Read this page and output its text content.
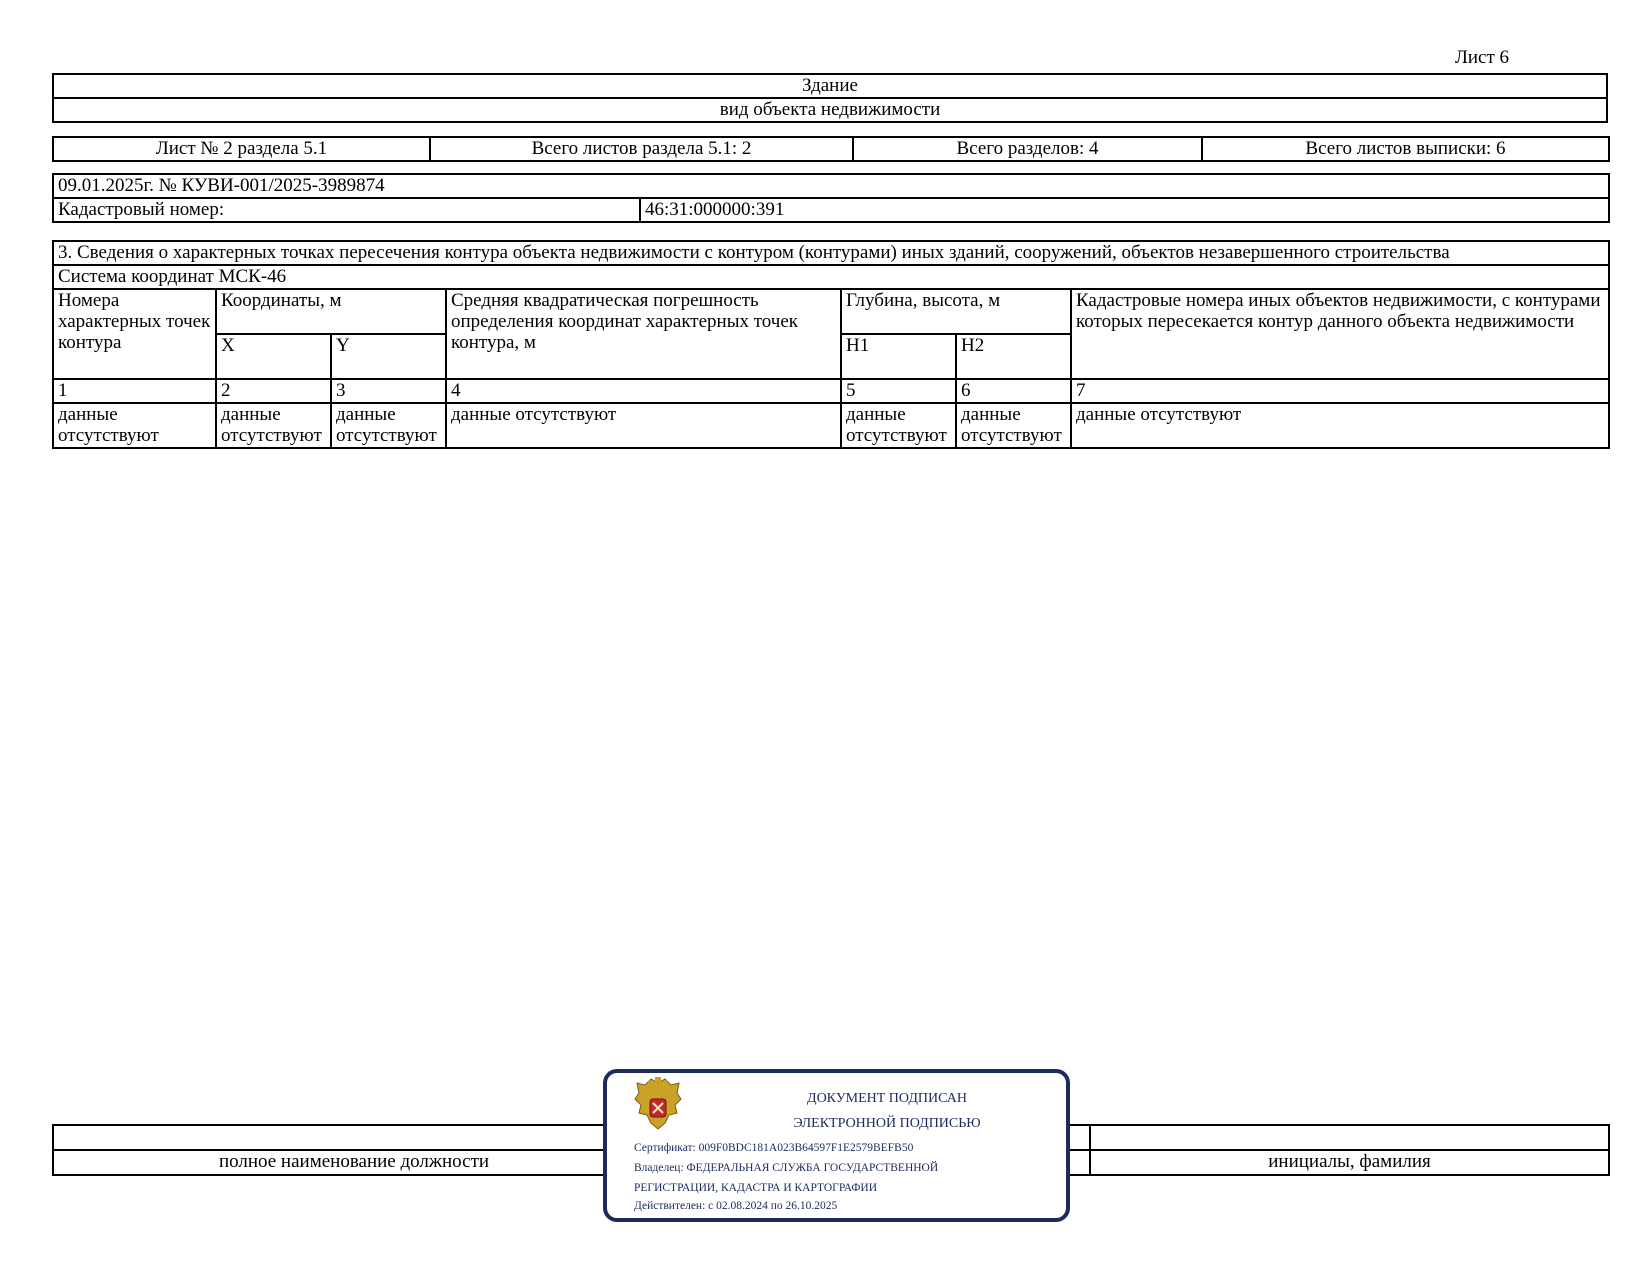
Лист 6
Здание
вид объекта недвижимости
Лист № 2 раздела 5.1	Всего листов раздела 5.1: 2	Всего разделов: 4	Всего листов выписки: 6
09.01.2025г. № КУВИ-001/2025-3989874
Кадастровый номер:	46:31:000000:391
3. Сведения о характерных точках пересечения контура объекта недвижимости с контуром (контурами) иных зданий, сооружений, объектов незавершенного строительства						
Система координат МСК-46						
Номера характерных точек контура	Координаты, м		Средняя квадратическая погрешность определения координат характерных точек контура, м	Глубина, высота, м		Кадастровые номера иных объектов недвижимости, с контурами которых пересекается контур данного объекта недвижимости
	X	Y		H1	H2	
1	2	3	4	5	6	7
данные отсутствуют	данные отсутствуют	данные отсутствуют	данные отсутствуют	данные отсутствуют	данные отсутствуют	данные отсутствуют

полное наименование должности	инициалы, фамилия
ДОКУМЕНТ ПОДПИСАН
ЭЛЕКТРОННОЙ ПОДПИСЬЮ
Сертификат: 009F0BDC181A023B64597F1E2579BEFB50
Владелец: ФЕДЕРАЛЬНАЯ СЛУЖБА ГОСУДАРСТВЕННОЙ
РЕГИСТРАЦИИ, КАДАСТРА И КАРТОГРАФИИ
Действителен: с 02.08.2024 по 26.10.2025
